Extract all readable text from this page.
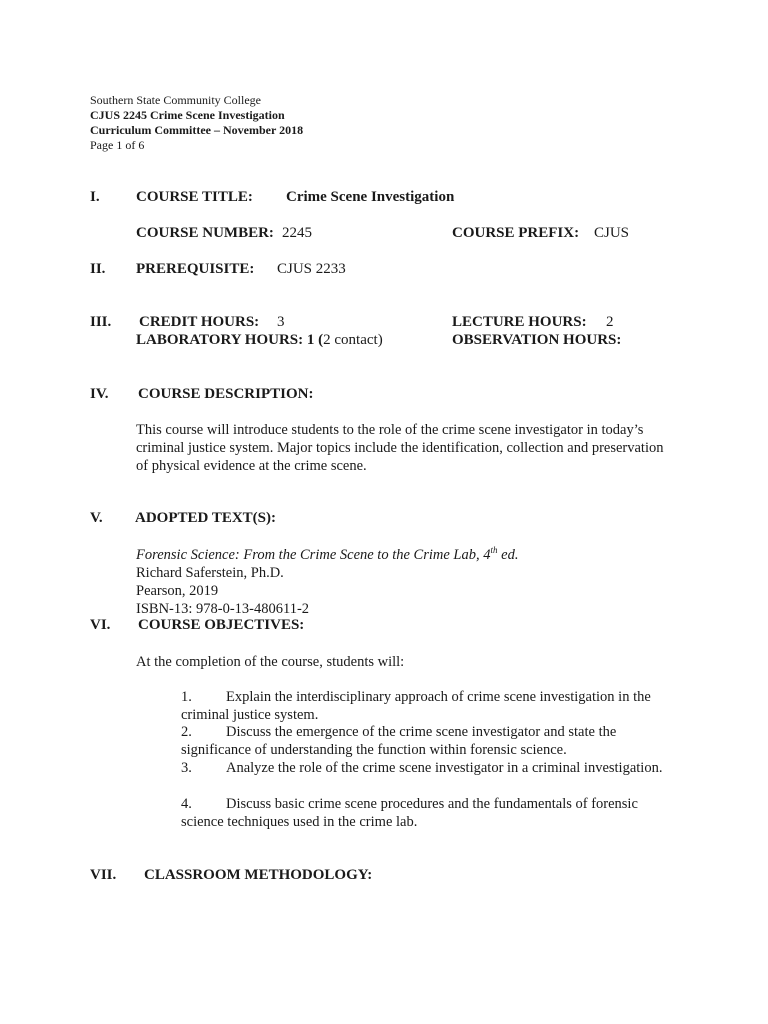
Southern State Community College
CJUS 2245 Crime Scene Investigation
Curriculum Committee – November 2018
Page 1 of 6
I. COURSE TITLE: Crime Scene Investigation
COURSE NUMBER: 2245	COURSE PREFIX: CJUS
II. PREREQUISITE: CJUS 2233
III. CREDIT HOURS: 3	LECTURE HOURS: 2
LABORATORY HOURS: 1 (2 contact)	OBSERVATION HOURS:
IV. COURSE DESCRIPTION:
This course will introduce students to the role of the crime scene investigator in today’s criminal justice system. Major topics include the identification, collection and preservation of physical evidence at the crime scene.
V. ADOPTED TEXT(S):
Forensic Science: From the Crime Scene to the Crime Lab, 4th ed.
Richard Saferstein, Ph.D.
Pearson, 2019
ISBN-13: 978-0-13-480611-2
VI. COURSE OBJECTIVES:
At the completion of the course, students will:
1. Explain the interdisciplinary approach of crime scene investigation in the criminal justice system.
2. Discuss the emergence of the crime scene investigator and state the significance of understanding the function within forensic science.
3. Analyze the role of the crime scene investigator in a criminal investigation.
4. Discuss basic crime scene procedures and the fundamentals of forensic science techniques used in the crime lab.
VII. CLASSROOM METHODOLOGY:
